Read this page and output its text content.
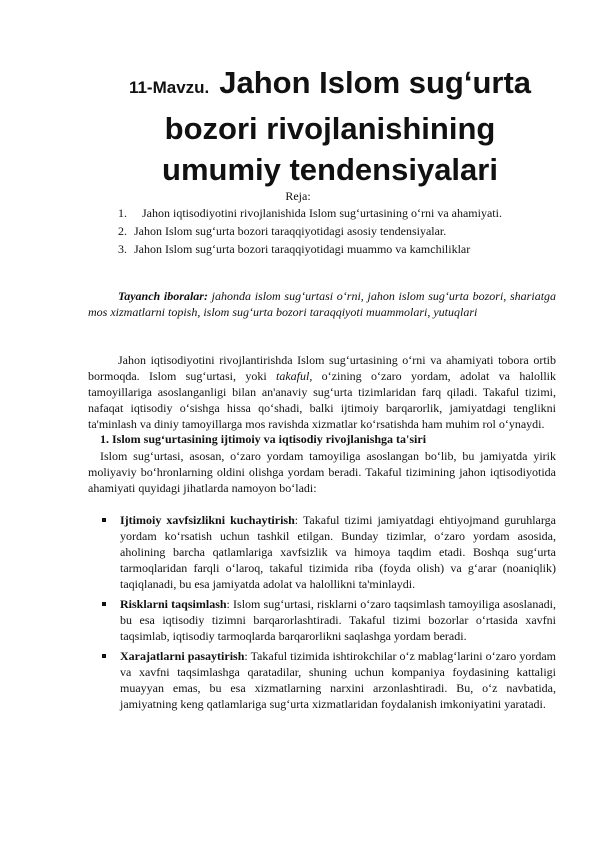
11-Mavzu. Jahon Islom sugʻurta
bozori rivojlanishining
umumiy tendensiyalari
Reja:
1. Jahon iqtisodiyotini rivojlanishida Islom sugʻurtasining oʻrni va ahamiyati.
2. Jahon Islom sugʻurta bozori taraqqiyotidagi asosiy tendensiyalar.
3. Jahon Islom sugʻurta bozori taraqqiyotidagi muammo va kamchiliklar
Tayanch iboralar: jahonda islom sugʻurtasi oʻrni, jahon islom sugʻurta bozori, shariatga mos xizmatlarni topish, islom sugʻurta bozori taraqqiyoti muammolari, yutuqlari
Jahon iqtisodiyotini rivojlantirishda Islom sugʻurtasining oʻrni va ahamiyati tobora ortib bormoqda. Islom sugʻurtasi, yoki takaful, oʻzining oʻzaro yordam, adolat va halollik tamoyillariga asoslanganligi bilan an'anaviy sugʻurta tizimlaridan farq qiladi. Takaful tizimi, nafaqat iqtisodiy oʻsishga hissa qoʻshadi, balki ijtimoiy barqarorlik, jamiyatdagi tenglikni ta'minlash va diniy tamoyillarga mos ravishda xizmatlar koʻrsatishda ham muhim rol oʻynaydi.
1. Islom sugʻurtasining ijtimoiy va iqtisodiy rivojlanishga ta'siri
Islom sugʻurtasi, asosan, oʻzaro yordam tamoyiliga asoslangan boʻlib, bu jamiyatda yirik moliyaviy boʻhronlarning oldini olishga yordam beradi. Takaful tizimining jahon iqtisodiyotida ahamiyati quyidagi jihatlarda namoyon boʻladi:
Ijtimoiy xavfsizlikni kuchaytirish: Takaful tizimi jamiyatdagi ehtiyojmand guruhlarga yordam koʻrsatish uchun tashkil etilgan. Bunday tizimlar, oʻzaro yordam asosida, aholining barcha qatlamlariga xavfsizlik va himoya taqdim etadi. Boshqa sugʻurta tarmoqlaridan farqli oʻlaroq, takaful tizimida riba (foyda olish) va gʻarar (noaniqlik) taqiqlanadi, bu esa jamiyatda adolat va halollikni ta'minlaydi.
Risklarni taqsimlash: Islom sugʻurtasi, risklarni oʻzaro taqsimlash tamoyiliga asoslanadi, bu esa iqtisodiy tizimni barqarorlashtiradi. Takaful tizimi bozorlar oʻrtasida xavfni taqsimlab, iqtisodiy tarmoqlarda barqarorlikni saqlashga yordam beradi.
Xarajatlarni pasaytirish: Takaful tizimida ishtirokchilar oʻz mablagʻlarini oʻzaro yordam va xavfni taqsimlashga qaratadilar, shuning uchun kompaniya foydasining kattaligi muayyan emas, bu esa xizmatlarning narxini arzonlashtiradi. Bu, oʻz navbatida, jamiyatning keng qatlamlariga sugʻurta xizmatlaridan foydalanish imkoniyatini yaratadi.
